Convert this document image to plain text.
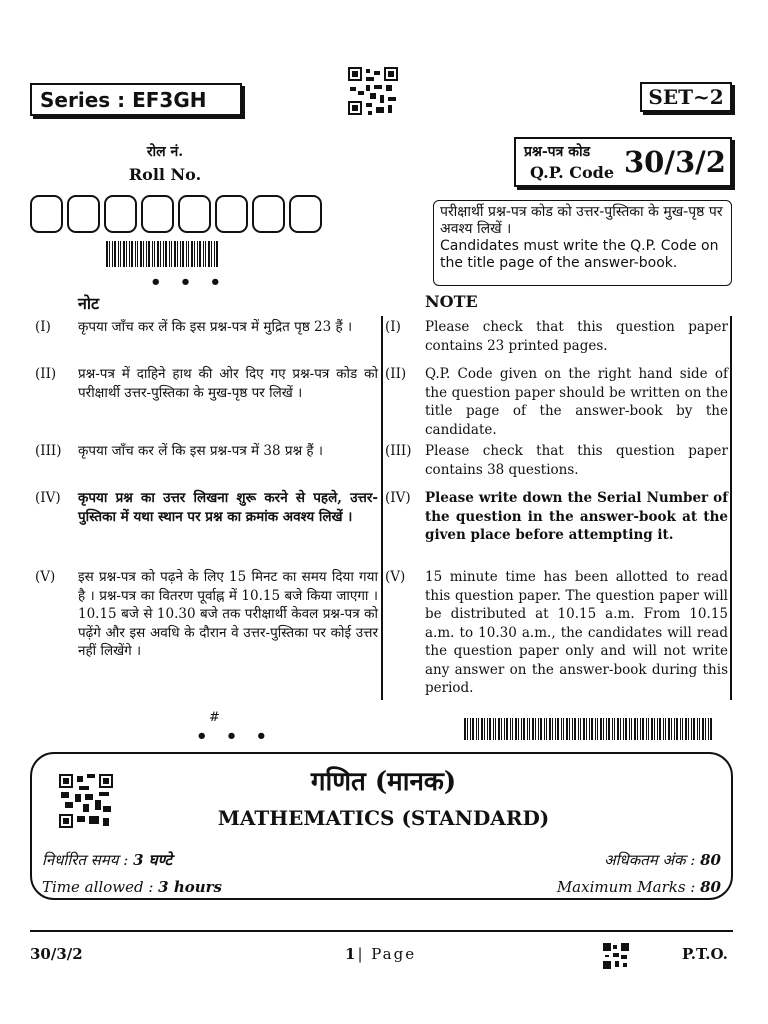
Series : EF3GH	SET~2
रोल नं.
Roll No.
• • •
प्रश्न-पत्र कोड
Q.P. Code 30/3/2
परीक्षार्थी प्रश्न-पत्र कोड को उत्तर-पुस्तिका के मुख-पृष्ठ पर अवश्य लिखें ।
Candidates must write the Q.P. Code on the title page of the answer-book.
नोट	NOTE
(I) कृपया जाँच कर लें कि इस प्रश्न-पत्र में मुद्रित पृष्ठ 23 हैं ।
(II) प्रश्न-पत्र में दाहिने हाथ की ओर दिए गए प्रश्न-पत्र कोड को परीक्षार्थी उत्तर-पुस्तिका के मुख-पृष्ठ पर लिखें ।
(III) कृपया जाँच कर लें कि इस प्रश्न-पत्र में 38 प्रश्न हैं ।
(IV) कृपया प्रश्न का उत्तर लिखना शुरू करने से पहले, उत्तर-पुस्तिका में यथा स्थान पर प्रश्न का क्रमांक अवश्य लिखें ।
(V) इस प्रश्न-पत्र को पढ़ने के लिए 15 मिनट का समय दिया गया है । प्रश्न-पत्र का वितरण पूर्वाह्न में 10.15 बजे किया जाएगा । 10.15 बजे से 10.30 बजे तक परीक्षार्थी केवल प्रश्न-पत्र को पढ़ेंगे और इस अवधि के दौरान वे उत्तर-पुस्तिका पर कोई उत्तर नहीं लिखेंगे ।
(I) Please check that this question paper contains 23 printed pages.
(II) Q.P. Code given on the right hand side of the question paper should be written on the title page of the answer-book by the candidate.
(III) Please check that this question paper contains 38 questions.
(IV) Please write down the Serial Number of the question in the answer-book at the given place before attempting it.
(V) 15 minute time has been allotted to read this question paper. The question paper will be distributed at 10.15 a.m. From 10.15 a.m. to 10.30 a.m., the candidates will read the question paper only and will not write any answer on the answer-book during this period.
#
• • •
गणित (मानक)
MATHEMATICS (STANDARD)
निर्धारित समय : 3 घण्टे	अधिकतम अंक : 80
Time allowed : 3 hours	Maximum Marks : 80
30/3/2	1| Page	P.T.O.
